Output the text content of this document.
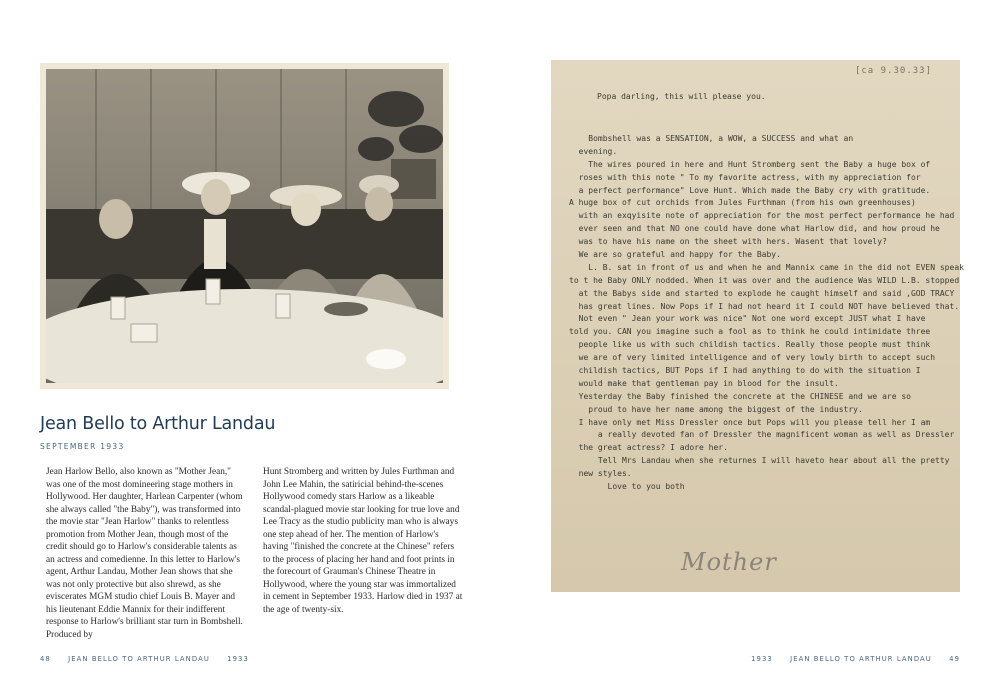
Jean Bello to Arthur Landau

SEPTEMBER 1933

Jean Harlow Bello, also known as "Mother Jean," was one of the most domineering stage mothers in Hollywood. Her daughter, Harlean Carpenter (whom she always called "the Baby"), was transformed into the movie star "Jean Harlow" thanks to relentless promotion from Mother Jean, though most of the credit should go to Harlow's considerable talents as an actress and comedienne. In this letter to Harlow's agent, Arthur Landau, Mother Jean shows that she was not only protective but also shrewd, as she eviscerates MGM studio chief Louis B. Mayer and his lieutenant Eddie Mannix for their indifferent response to Harlow's brilliant star turn in Bombshell. Produced by

Hunt Stromberg and written by Jules Furthman and John Lee Mahin, the satiricial behind-the-scenes Hollywood comedy stars Harlow as a likeable scandal-plagued movie star looking for true love and Lee Tracy as the studio publicity man who is always one step ahead of her. The mention of Harlow's having "finished the concrete at the Chinese" refers to the process of placing her hand and foot prints in the forecourt of Grauman's Chinese Theatre in Hollywood, where the young star was immortalized in cement in September 1933. Harlow died in 1937 at the age of twenty-six.

48	JEAN BELLO TO ARTHUR LANDAU	1933
[ca 9.30.33]
Popa darling, this will please you.
Bombshell was a SENSATION, a WOW, a SUCCESS and what an
evening.
The wires poured in here and Hunt Stromberg sent the Baby a huge box of
roses with this note " To my favorite actress, with my appreciation for
a perfect performance" Love Hunt. Which made the Baby cry with gratitude.
A huge box of cut orchids from Jules Furthman (from his own greenhouses)
with an exqyisite note of appreciation for the most perfect performance he had
ever seen and that NO one could have done what Harlow did, and how proud he
was to have his name on the sheet with hers. Wasent that lovely?
We are so grateful and happy for the Baby.
L. B. sat in front of us and when he and Mannix came in the did not EVEN speak
to t he Baby ONLY nodded. When it was over and the audience Was WILD L.B. stopped
at the Babys side and started to explode he caught himself and said ,GOD TRACY
has great lines. Now Pops if I had not heard it I could NOT have believed that.
Not even " Jean your work was nice" Not one word except JUST what I have
told you. CAN you imagine such a fool as to think he could intimidate three
people like us with such childish tactics. Really those people must think
we are of very limited intelligence and of very lowly birth to accept such
childish tactics, BUT Pops if I had anything to do with the situation I
would make that gentleman pay in blood for the insult.
Yesterday the Baby finished the concrete at the CHINESE and we are so
proud to have her name among the biggest of the industry.
I have only met Miss Dressler once but Pops will you please tell her I am
a really devoted fan of Dressler the magnificent woman as well as Dressler
the great actress? I adore her.
Tell Mrs Landau when she returnes I will haveto hear about all the pretty
new styles.
Love to you both
Mother
1933	JEAN BELLO TO ARTHUR LANDAU	49
